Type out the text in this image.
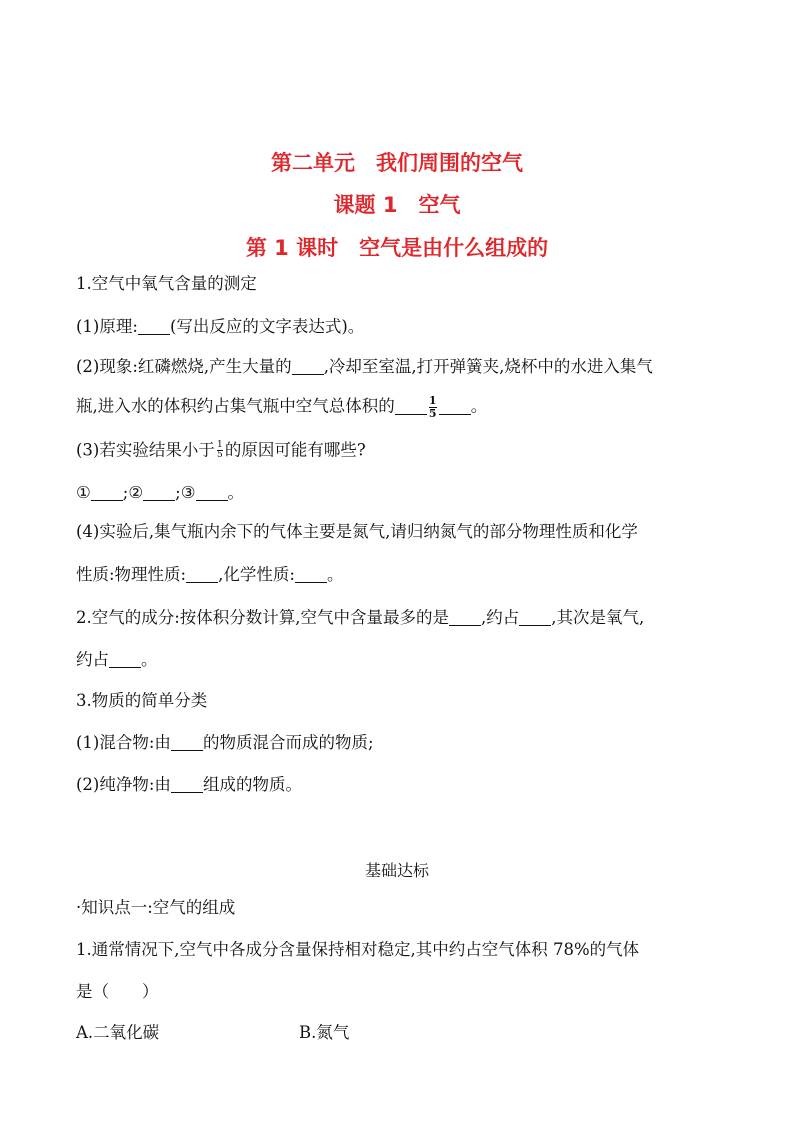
第二单元　我们周围的空气
课题 1　空气
第 1 课时　空气是由什么组成的
1.空气中氧气含量的测定
(1)原理: (写出反应的文字表达式)。
(2)现象:红磷燃烧,产生大量的 ,冷却至室温,打开弹簧夹,烧杯中的水进入集气
瓶,进入水的体积约占集气瓶中空气总体积的	$\frac{1}{5}$ 。
(3)若实验结果小于 $\frac{1}{5}$ 的原因可能有哪些?
① ;② ;③ 。
(4)实验后,集气瓶内余下的气体主要是氮气,请归纳氮气的部分物理性质和化学
性质:物理性质: ,化学性质: 。
2.空气的成分:按体积分数计算,空气中含量最多的是 ,约占 ,其次是氧气,
约占 。
3.物质的简单分类
(1)混合物:由 的物质混合而成的物质;
(2)纯净物:由 组成的物质。
基础达标
·知识点一:空气的组成
1.通常情况下,空气中各成分含量保持相对稳定,其中约占空气体积 78%的气体
是（　　）
A.二氧化碳	B.氮气
